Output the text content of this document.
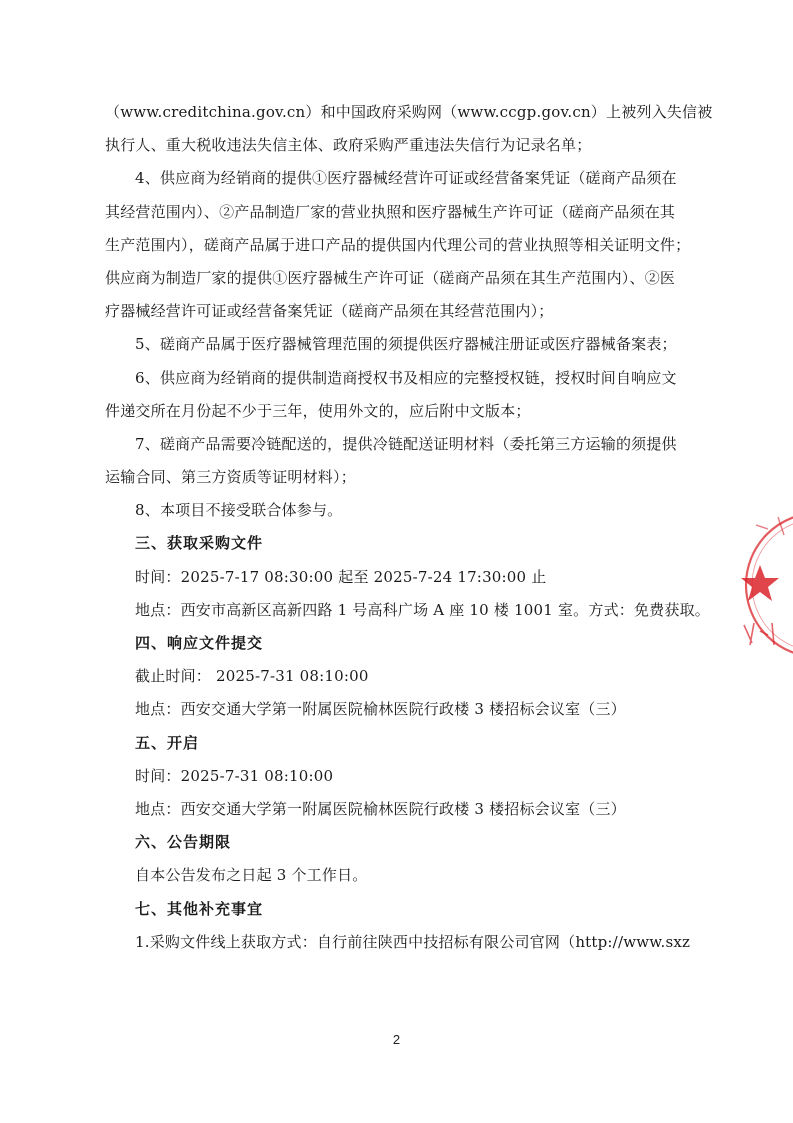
（www.creditchina.gov.cn）和中国政府采购网（www.ccgp.gov.cn）上被列入失信被
执行人、重大税收违法失信主体、政府采购严重违法失信行为记录名单；
4、供应商为经销商的提供①医疗器械经营许可证或经营备案凭证（磋商产品须在
其经营范围内）、②产品制造厂家的营业执照和医疗器械生产许可证（磋商产品须在其
生产范围内），磋商产品属于进口产品的提供国内代理公司的营业执照等相关证明文件；
供应商为制造厂家的提供①医疗器械生产许可证（磋商产品须在其生产范围内）、②医
疗器械经营许可证或经营备案凭证（磋商产品须在其经营范围内）；
5、磋商产品属于医疗器械管理范围的须提供医疗器械注册证或医疗器械备案表；
6、供应商为经销商的提供制造商授权书及相应的完整授权链，授权时间自响应文
件递交所在月份起不少于三年，使用外文的，应后附中文版本；
7、磋商产品需要冷链配送的，提供冷链配送证明材料（委托第三方运输的须提供
运输合同、第三方资质等证明材料）；
8、本项目不接受联合体参与。
三、获取采购文件
时间：2025-7-17 08:30:00 起至 2025-7-24 17:30:00 止
地点：西安市高新区高新四路 1 号高科广场 A 座 10 楼 1001 室。方式：免费获取。
四、响应文件提交
截止时间： 2025-7-31 08:10:00
地点：西安交通大学第一附属医院榆林医院行政楼 3 楼招标会议室（三）
五、开启
时间：2025-7-31 08:10:00
地点：西安交通大学第一附属医院榆林医院行政楼 3 楼招标会议室（三）
六、公告期限
自本公告发布之日起 3 个工作日。
七、其他补充事宜
1.采购文件线上获取方式：自行前往陕西中技招标有限公司官网（http://www.sxz
2
